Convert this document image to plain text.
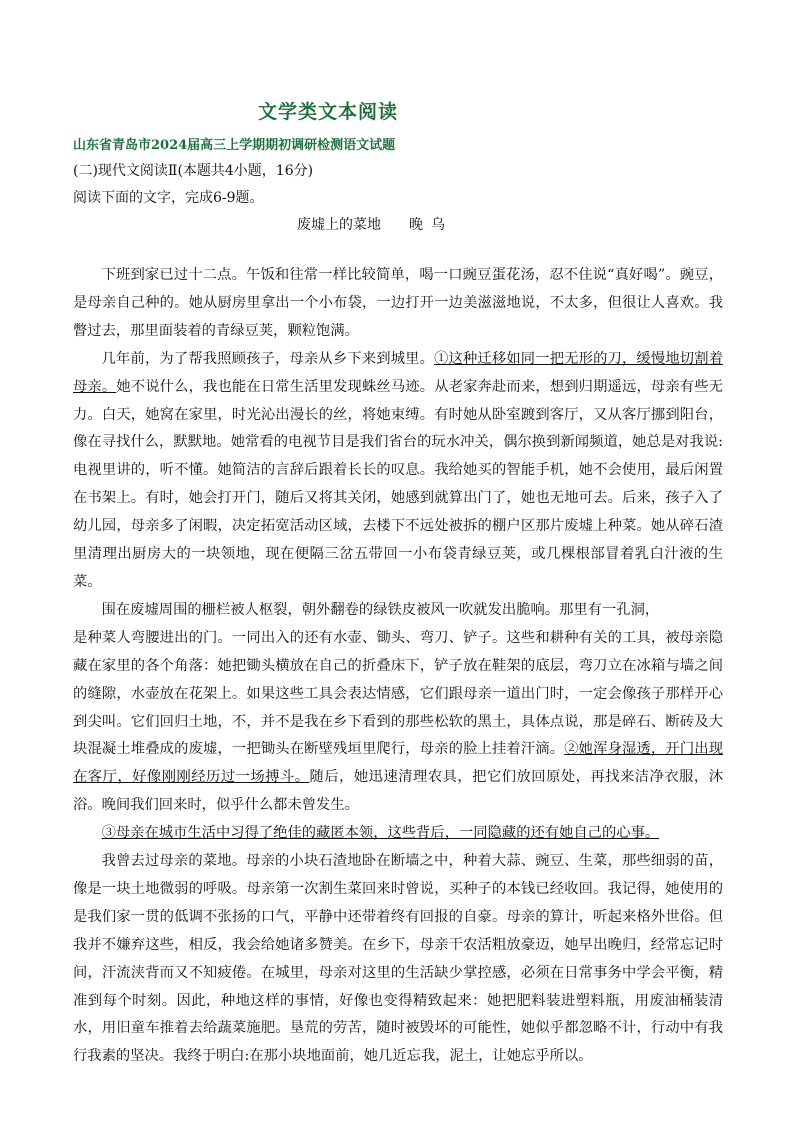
文学类文本阅读
山东省青岛市2024届高三上学期期初调研检测语文试题
(二)现代文阅读Ⅱ(本题共4小题，16分)
阅读下面的文字，完成6-9题。
废墟上的菜地 晚乌

下班到家已过十二点。午饭和往常一样比较简单，喝一口豌豆蛋花汤，忍不住说“真好喝”。豌豆，是母亲自己种的。她从厨房里拿出一个小布袋，一边打开一边美滋滋地说，不太多，但很让人喜欢。我瞥过去，那里面装着的青绿豆荚，颗粒饱满。

几年前，为了帮我照顾孩子，母亲从乡下来到城里。①这种迁移如同一把无形的刀，缓慢地切割着母亲。她不说什么，我也能在日常生活里发现蛛丝马迹。从老家奔赴而来，想到归期遥远，母亲有些无力。白天，她窝在家里，时光沁出漫长的丝，将她束缚。有时她从卧室踱到客厅，又从客厅挪到阳台，像在寻找什么，默默地。她常看的电视节目是我们省台的玩水冲关，偶尔换到新闻频道，她总是对我说:电视里讲的，听不懂。她简洁的言辞后跟着长长的叹息。我给她买的智能手机，她不会使用，最后闲置在书架上。有时，她会打开门，随后又将其关闭，她感到就算出门了，她也无地可去。后来，孩子入了幼儿园，母亲多了闲暇，决定拓宽活动区域，去楼下不远处被拆的棚户区那片废墟上种菜。她从碎石渣里清理出厨房大的一块领地，现在便隔三岔五带回一小布袋青绿豆荚，或几棵根部冒着乳白汁液的生菜。

围在废墟周围的栅栏被人枢裂，朝外翻卷的绿铁皮被风一吹就发出脆响。那里有一孔洞，

是种菜人弯腰进出的门。一同出入的还有水壶、锄头、弯刀、铲子。这些和耕种有关的工具，被母亲隐藏在家里的各个角落：她把锄头横放在自己的折叠床下，铲子放在鞋架的底层，弯刀立在冰箱与墙之间的缝隙，水壶放在花架上。如果这些工具会表达情感，它们跟母亲一道出门时，一定会像孩子那样开心到尖叫。它们回归土地，不，并不是我在乡下看到的那些松软的黑土，具体点说，那是碎石、断砖及大块混凝土堆叠成的废墟，一把锄头在断壁残垣里爬行，母亲的脸上挂着汗滴。②她浑身湿透，开门出现在客厅，好像刚刚经历过一场搏斗。随后，她迅速清理农具，把它们放回原处，再找来洁净衣服，沐浴。晚间我们回来时，似乎什么都未曾发生。

③母亲在城市生活中习得了绝佳的藏匿本领，这些背后，一同隐藏的还有她自己的心事。

我曾去过母亲的菜地。母亲的小块石渣地卧在断墙之中，种着大蒜、豌豆、生菜，那些细弱的苗，像是一块土地微弱的呼吸。母亲第一次割生菜回来时曾说，买种子的本钱已经收回。我记得，她使用的是我们家一贯的低调不张扬的口气，平静中还带着终有回报的自豪。母亲的算计，听起来格外世俗。但我并不嫌弃这些，相反，我会给她诸多赞美。在乡下，母亲干农活粗放豪迈，她早出晚归，经常忘记时间，汗流浃背而又不知疲倦。在城里，母亲对这里的生活缺少掌控感，必须在日常事务中学会平衡，精准到每个时刻。因此，种地这样的事情，好像也变得精致起来：她把肥料装进塑料瓶，用废油桶装清水，用旧童车推着去给蔬菜施肥。垦荒的劳苦，随时被毁坏的可能性，她似乎都忽略不计，行动中有我行我素的坚决。我终于明白:在那小块地面前，她几近忘我，泥土，让她忘乎所以。
